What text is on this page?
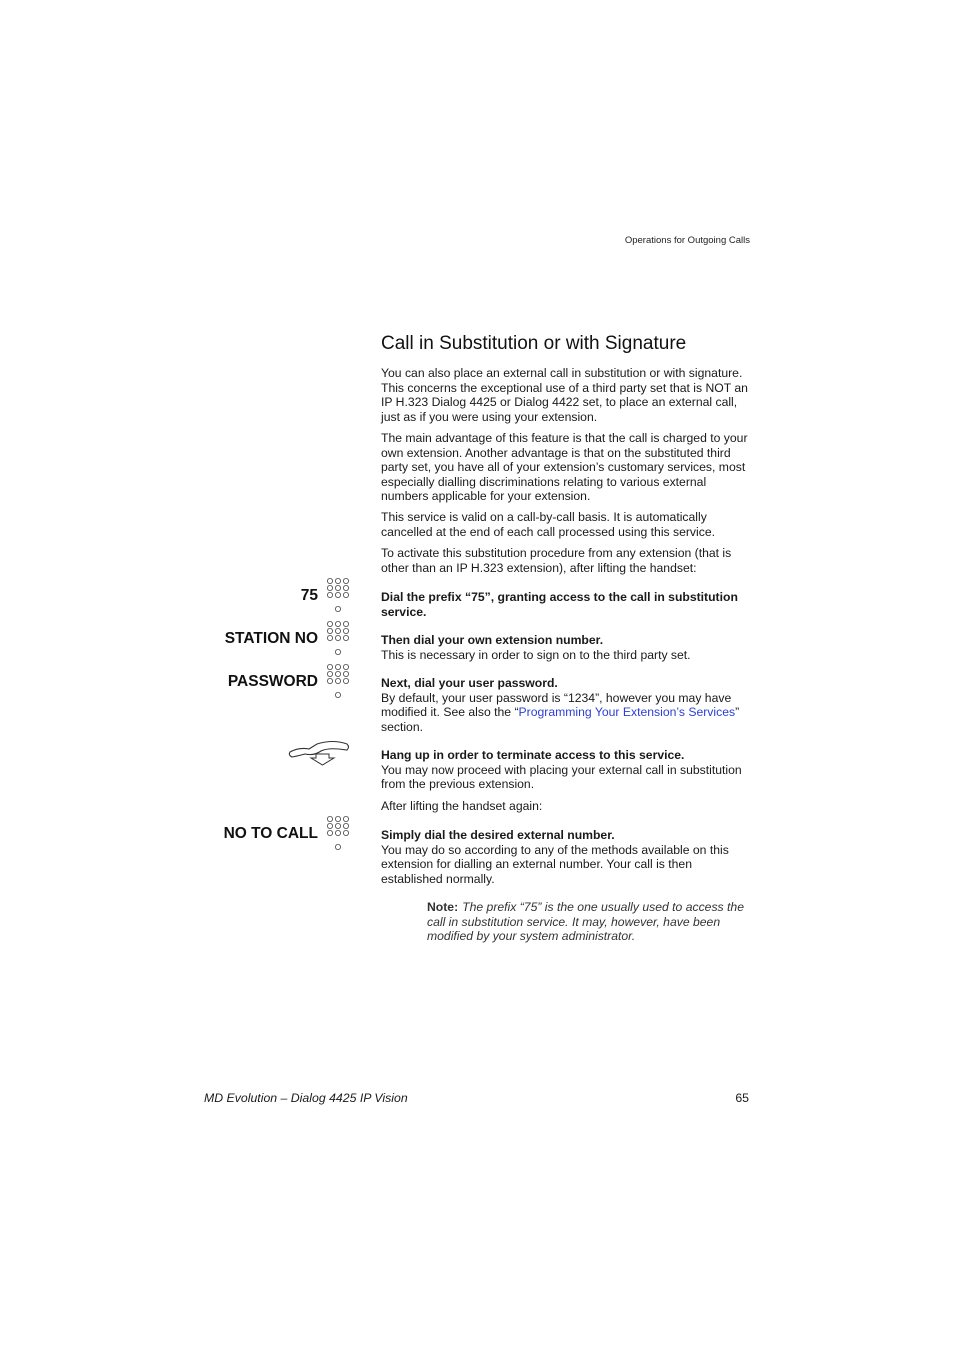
Operations for Outgoing Calls
Call in Substitution or with Signature
You can also place an external call in substitution or with signature. This concerns the exceptional use of a third party set that is NOT an IP H.323 Dialog 4425 or Dialog 4422 set, to place an external call, just as if you were using your extension.
The main advantage of this feature is that the call is charged to your own extension. Another advantage is that on the substituted third party set, you have all of your extension’s customary services, most especially dialling discriminations relating to various external numbers applicable for your extension.
This service is valid on a call-by-call basis. It is automatically cancelled at the end of each call processed using this service.
To activate this substitution procedure from any extension (that is other than an IP H.323 extension), after lifting the handset:
75	Dial the prefix “75”, granting access to the call in substitution service.
STATION NO	Then dial your own extension number.
This is necessary in order to sign on to the third party set.
PASSWORD	Next, dial your user password.
By default, your user password is “1234”, however you may have modified it. See also the “Programming Your Extension’s Services” section.
Hang up in order to terminate access to this service.
You may now proceed with placing your external call in substitution from the previous extension.
After lifting the handset again:
NO TO CALL	Simply dial the desired external number.
You may do so according to any of the methods available on this extension for dialling an external number. Your call is then established normally.
Note: The prefix “75” is the one usually used to access the call in substitution service. It may, however, have been modified by your system administrator.
MD Evolution – Dialog 4425 IP Vision	65
